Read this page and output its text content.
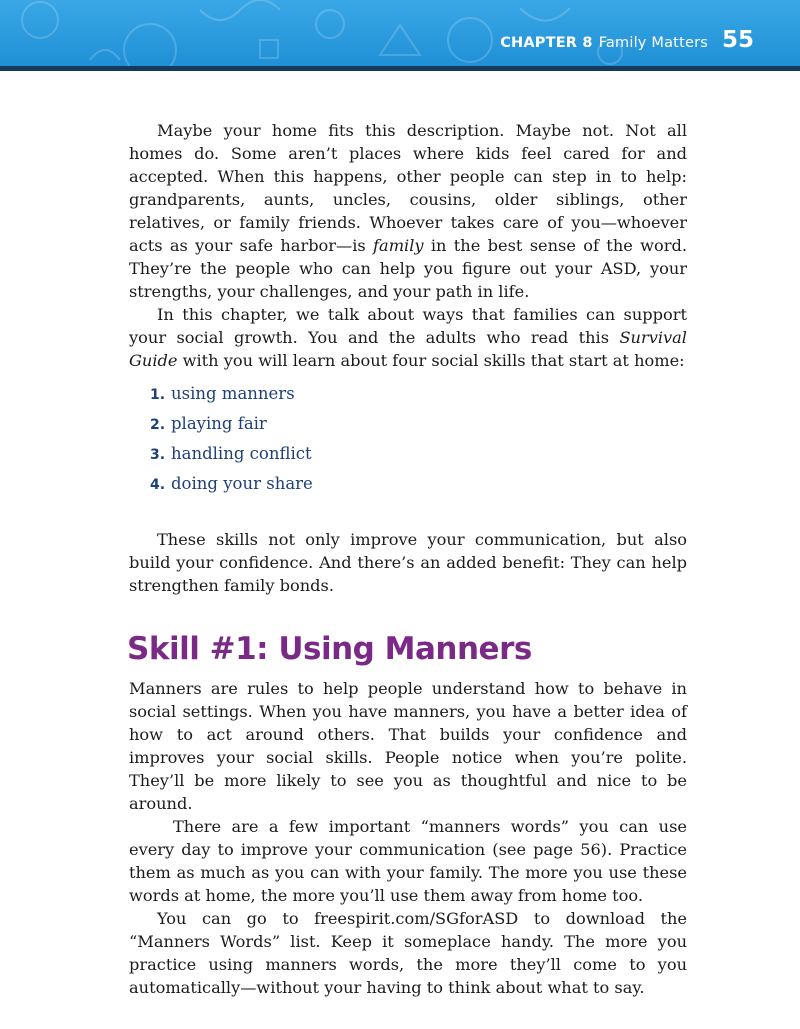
CHAPTER 8 Family Matters 55

Maybe your home fits this description. Maybe not. Not all homes do. Some aren’t places where kids feel cared for and accepted. When this happens, other people can step in to help: grandparents, aunts, uncles, cousins, older siblings, other relatives, or family friends. Whoever takes care of you—whoever acts as your safe harbor—is family in the best sense of the word. They’re the people who can help you figure out your ASD, your strengths, your challenges, and your path in life.

In this chapter, we talk about ways that families can support your social growth. You and the adults who read this Survival Guide with you will learn about four social skills that start at home:

1. using manners
2. playing fair
3. handling conflict
4. doing your share

These skills not only improve your communication, but also build your confidence. And there’s an added benefit: They can help strengthen family bonds.

Skill #1: Using Manners

Manners are rules to help people understand how to behave in social settings. When you have manners, you have a better idea of how to act around others. That builds your confidence and improves your social skills. People notice when you’re polite. They’ll be more likely to see you as thoughtful and nice to be around.

There are a few important “manners words” you can use every day to improve your communication (see page 56). Practice them as much as you can with your family. The more you use these words at home, the more you’ll use them away from home too.

You can go to freespirit.com/SGforASD to download the “Manners Words” list. Keep it someplace handy. The more you practice using manners words, the more they’ll come to you automatically—without your having to think about what to say.
